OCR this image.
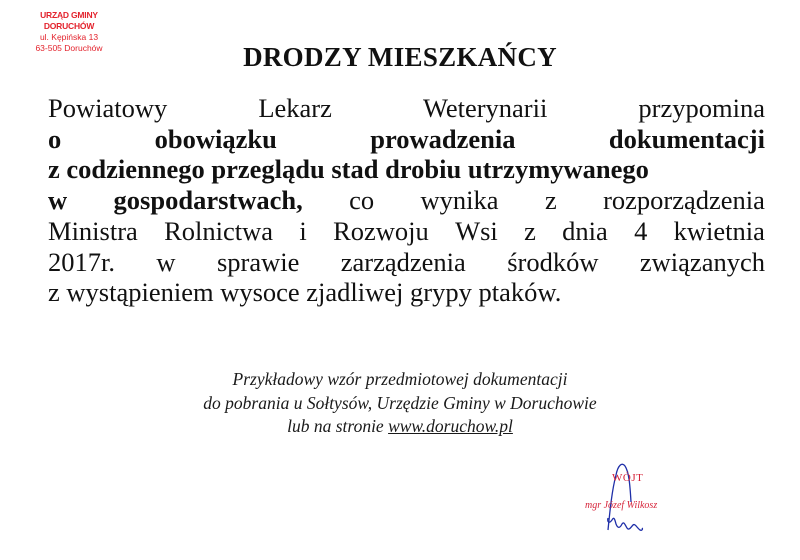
URZĄD GMINY DORUCHÓW
ul. Kępińska 13
63-505 Doruchów	DRODZY MIESZKAŃCY
Powiatowy	Lekarz	Weterynarii	przypomina
o	obowiązku	prowadzenia	dokumentacji
z codziennego przeglądu stad drobiu utrzymywanego
w gospodarstwach, co wynika z rozporządzenia
Ministra Rolnictwa i Rozwoju Wsi z dnia 4 kwietnia
2017r. w sprawie zarządzenia środków związanych
z wystąpieniem wysoce zjadliwej grypy ptaków.
Przykładowy wzór przedmiotowej dokumentacji
do pobrania u Sołtysów, Urzędzie Gminy w Doruchowie
lub na stronie www.doruchow.pl
WÓJT
mgr Józef Wilkosz
